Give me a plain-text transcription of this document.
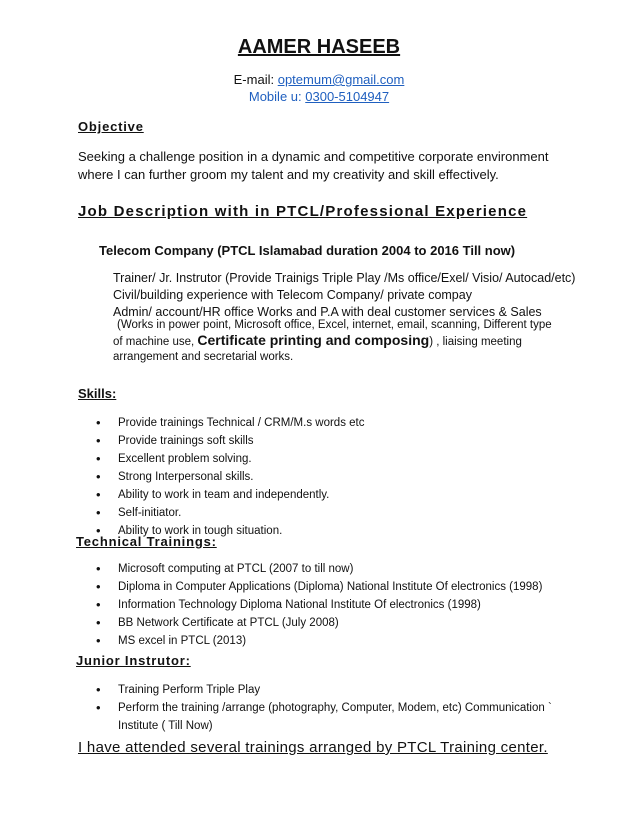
AAMER HASEEB
E-mail: optemum@gmail.com
Mobile u: 0300-5104947
Objective
Seeking a challenge position in a dynamic and competitive corporate environment
where I can further groom my talent and my creativity and skill effectively.
Job Description with in PTCL/Professional Experience
Telecom Company (PTCL Islamabad duration 2004 to 2016 Till now)
Trainer/ Jr. Instrutor (Provide Trainigs Triple Play /Ms office/Exel/ Visio/ Autocad/etc)
Civil/building experience with Telecom Company/ private compay
Admin/ account/HR office Works and P.A with deal customer services & Sales
(Works in power point, Microsoft office, Excel, internet, email, scanning, Different type
of machine use, Certificate printing and composing) , liaising meeting
arrangement and secretarial works.
Skills:
• Provide trainings Technical / CRM/M.s words etc
• Provide trainings soft skills
• Excellent problem solving.
• Strong Interpersonal skills.
• Ability to work in team and independently.
• Self-initiator.
• Ability to work in tough situation.
Technical Trainings:
• Microsoft computing at PTCL (2007 to till now)
• Diploma in Computer Applications (Diploma) National Institute Of electronics (1998)
• Information Technology Diploma National Institute Of electronics (1998)
• BB Network Certificate at PTCL (July 2008)
• MS excel in PTCL (2013)
Junior Instrutor:
• Training Perform Triple Play
• Perform the training /arrange (photography, Computer, Modem, etc) Communication `
Institute ( Till Now)
I have attended several trainings arranged by PTCL Training center.
